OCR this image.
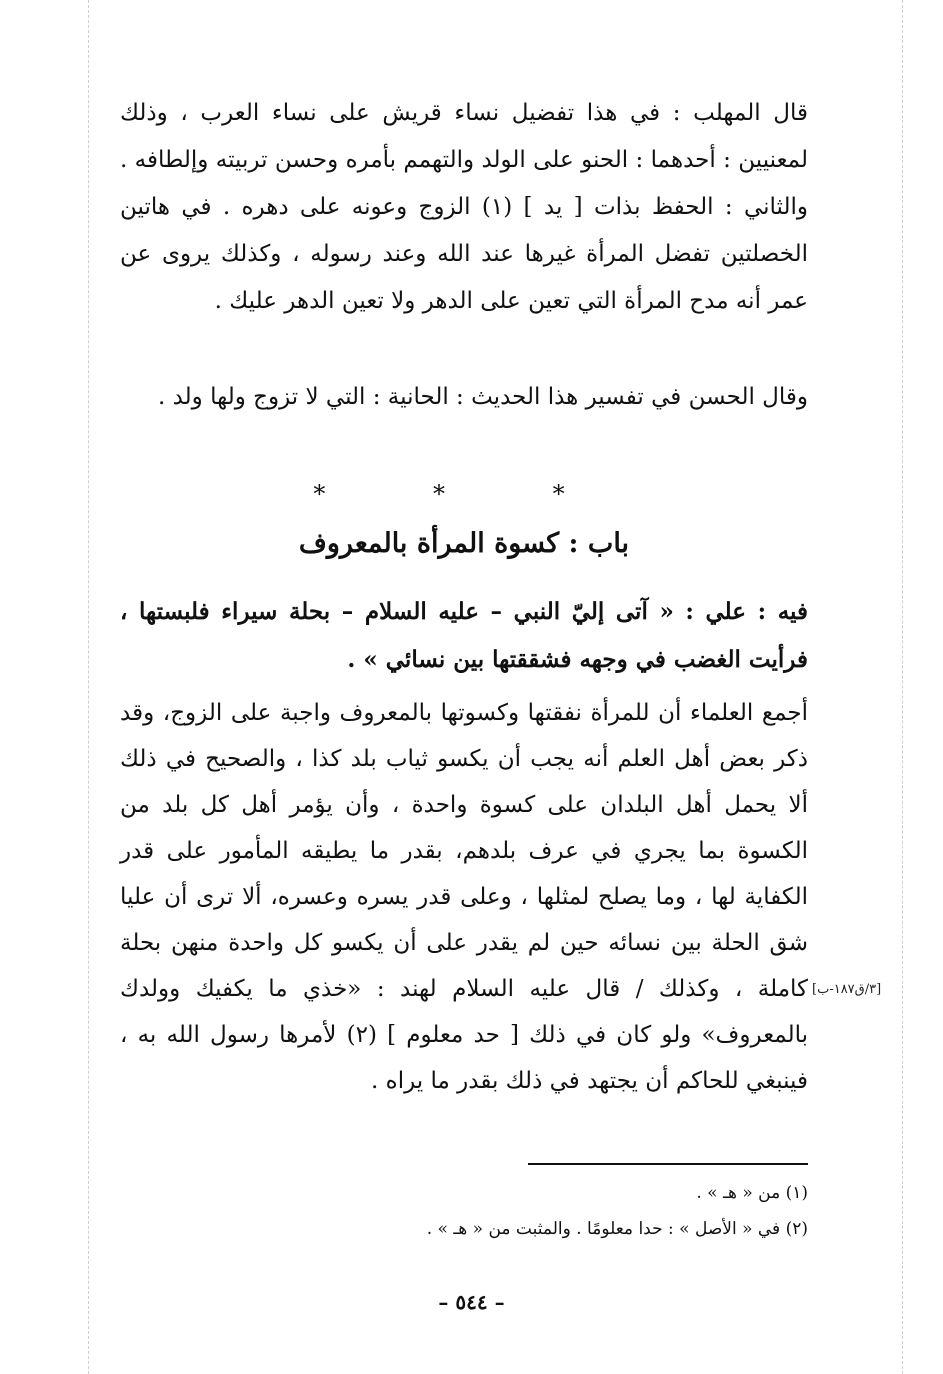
قال المهلب : في هذا تفضيل نساء قريش على نساء العرب ، وذلك لمعنيين : أحدهما : الحنو على الولد والتهمم بأمره وحسن تربيته وإلطافه . والثاني : الحفظ بذات [ يد ] (١) الزوج وعونه على دهره . في هاتين الخصلتين تفضل المرأة غيرها عند الله وعند رسوله ، وكذلك يروى عن عمر أنه مدح المرأة التي تعين على الدهر ولا تعين الدهر عليك .

وقال الحسن في تفسير هذا الحديث : الحانية : التي لا تزوج ولها ولد .

* * *
باب : كسوة المرأة بالمعروف

فيه : علي : « آتى إليّ النبي – عليه السلام – بحلة سيراء فلبستها ، فرأيت الغضب في وجهه فشققتها بين نسائي » .

أجمع العلماء أن للمرأة نفقتها وكسوتها بالمعروف واجبة على الزوج، وقد ذكر بعض أهل العلم أنه يجب أن يكسو ثياب بلد كذا ، والصحيح في ذلك ألا يحمل أهل البلدان على كسوة واحدة ، وأن يؤمر أهل كل بلد من الكسوة بما يجري في عرف بلدهم، بقدر ما يطيقه المأمور على قدر الكفاية لها ، وما يصلح لمثلها ، وعلى قدر يسره وعسره، ألا ترى أن عليا شق الحلة بين نسائه حين لم يقدر على أن يكسو كل واحدة منهن بحلة كاملة ، وكذلك / قال عليه السلام لهند : «خذي ما يكفيك وولدك بالمعروف» ولو كان في ذلك [ حد معلوم ] (٢) لأمرها رسول الله به ، فينبغي للحاكم أن يجتهد في ذلك بقدر ما يراه .

[٣/ق١٨٧-ب]

(١) من « هـ » .

(٢) في « الأصل » : حدا معلومًا . والمثبت من « هـ » .

– ٥٤٤ –
